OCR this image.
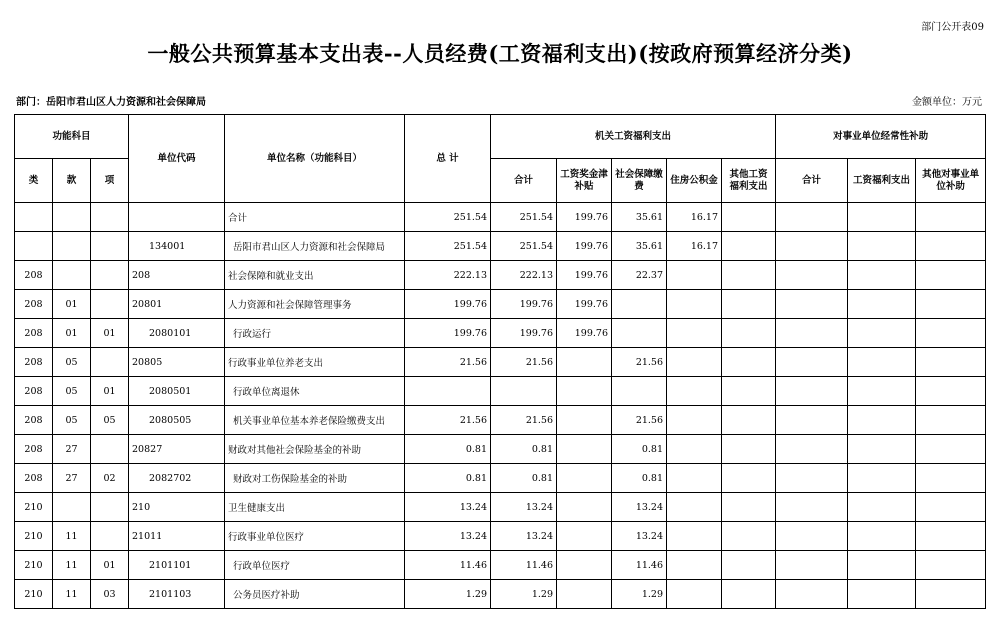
部门公开表09
一般公共预算基本支出表--人员经费(工资福利支出)(按政府预算经济分类)
部门：岳阳市君山区人力资源和社会保障局	金额单位：万元
功能科目			单位代码	单位名称（功能科目）	总 计	机关工资福利支出					对事业单位经常性补助		
类	款	项				合计	工资奖金津补贴	社会保障缴费	住房公积金	其他工资福利支出	合计	工资福利支出	其他对事业单位补助
				合计	251.54	251.54	199.76	35.61	16.17				
			134001	岳阳市君山区人力资源和社会保障局	251.54	251.54	199.76	35.61	16.17				
208			208	社会保障和就业支出	222.13	222.13	199.76	22.37					
208	01		20801	人力资源和社会保障管理事务	199.76	199.76	199.76						
208	01	01	2080101	行政运行	199.76	199.76	199.76						
208	05		20805	行政事业单位养老支出	21.56	21.56		21.56					
208	05	01	2080501	行政单位离退休									
208	05	05	2080505	机关事业单位基本养老保险缴费支出	21.56	21.56		21.56					
208	27		20827	财政对其他社会保险基金的补助	0.81	0.81		0.81					
208	27	02	2082702	财政对工伤保险基金的补助	0.81	0.81		0.81					
210			210	卫生健康支出	13.24	13.24		13.24					
210	11		21011	行政事业单位医疗	13.24	13.24		13.24					
210	11	01	2101101	行政单位医疗	11.46	11.46		11.46					
210	11	03	2101103	公务员医疗补助	1.29	1.29		1.29					
